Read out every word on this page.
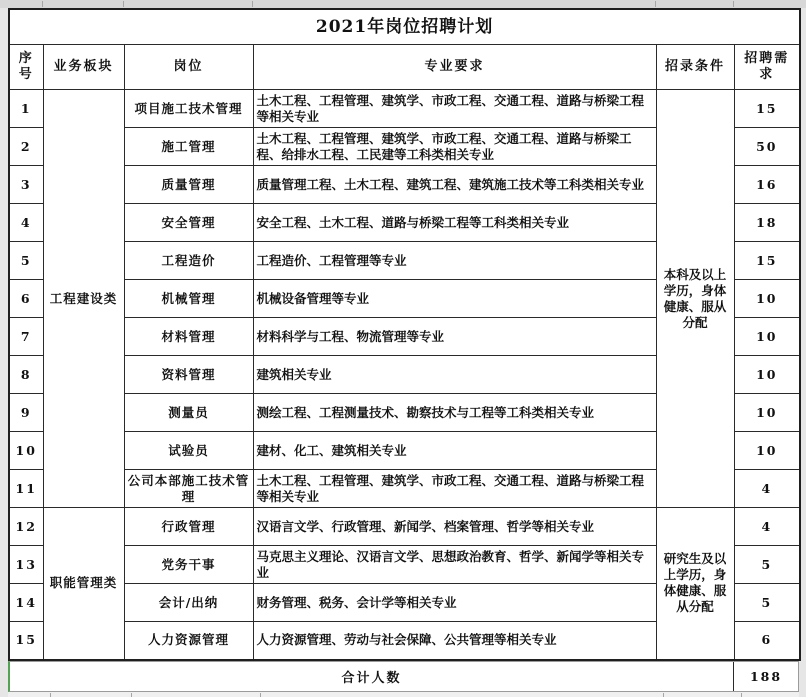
2021年岗位招聘计划					
序号	业务板块	岗位	专业要求	招录条件	招聘需求
1	工程建设类	项目施工技术管理	土木工程、工程管理、建筑学、市政工程、交通工程、道路与桥梁工程等相关专业	本科及以上学历，身体健康、服从分配	15
2		施工管理	土木工程、工程管理、建筑学、市政工程、交通工程、道路与桥梁工程、给排水工程、工民建等工科类相关专业		50
3		质量管理	质量管理工程、土木工程、建筑工程、建筑施工技术等工科类相关专业		16
4		安全管理	安全工程、土木工程、道路与桥梁工程等工科类相关专业		18
5		工程造价	工程造价、工程管理等专业		15
6		机械管理	机械设备管理等专业		10
7		材料管理	材料科学与工程、物流管理等专业		10
8		资料管理	建筑相关专业		10
9		测量员	测绘工程、工程测量技术、勘察技术与工程等工科类相关专业		10
10		试验员	建材、化工、建筑相关专业		10
11		公司本部施工技术管理	土木工程、工程管理、建筑学、市政工程、交通工程、道路与桥梁工程等相关专业		4
12	职能管理类	行政管理	汉语言文学、行政管理、新闻学、档案管理、哲学等相关专业	研究生及以上学历，身体健康、服从分配	4
13		党务干事	马克思主义理论、汉语言文学、思想政治教育、哲学、新闻学等相关专业		5
14		会计/出纳	财务管理、税务、会计学等相关专业		5
15		人力资源管理	人力资源管理、劳动与社会保障、公共管理等相关专业		6
合计人数	188
